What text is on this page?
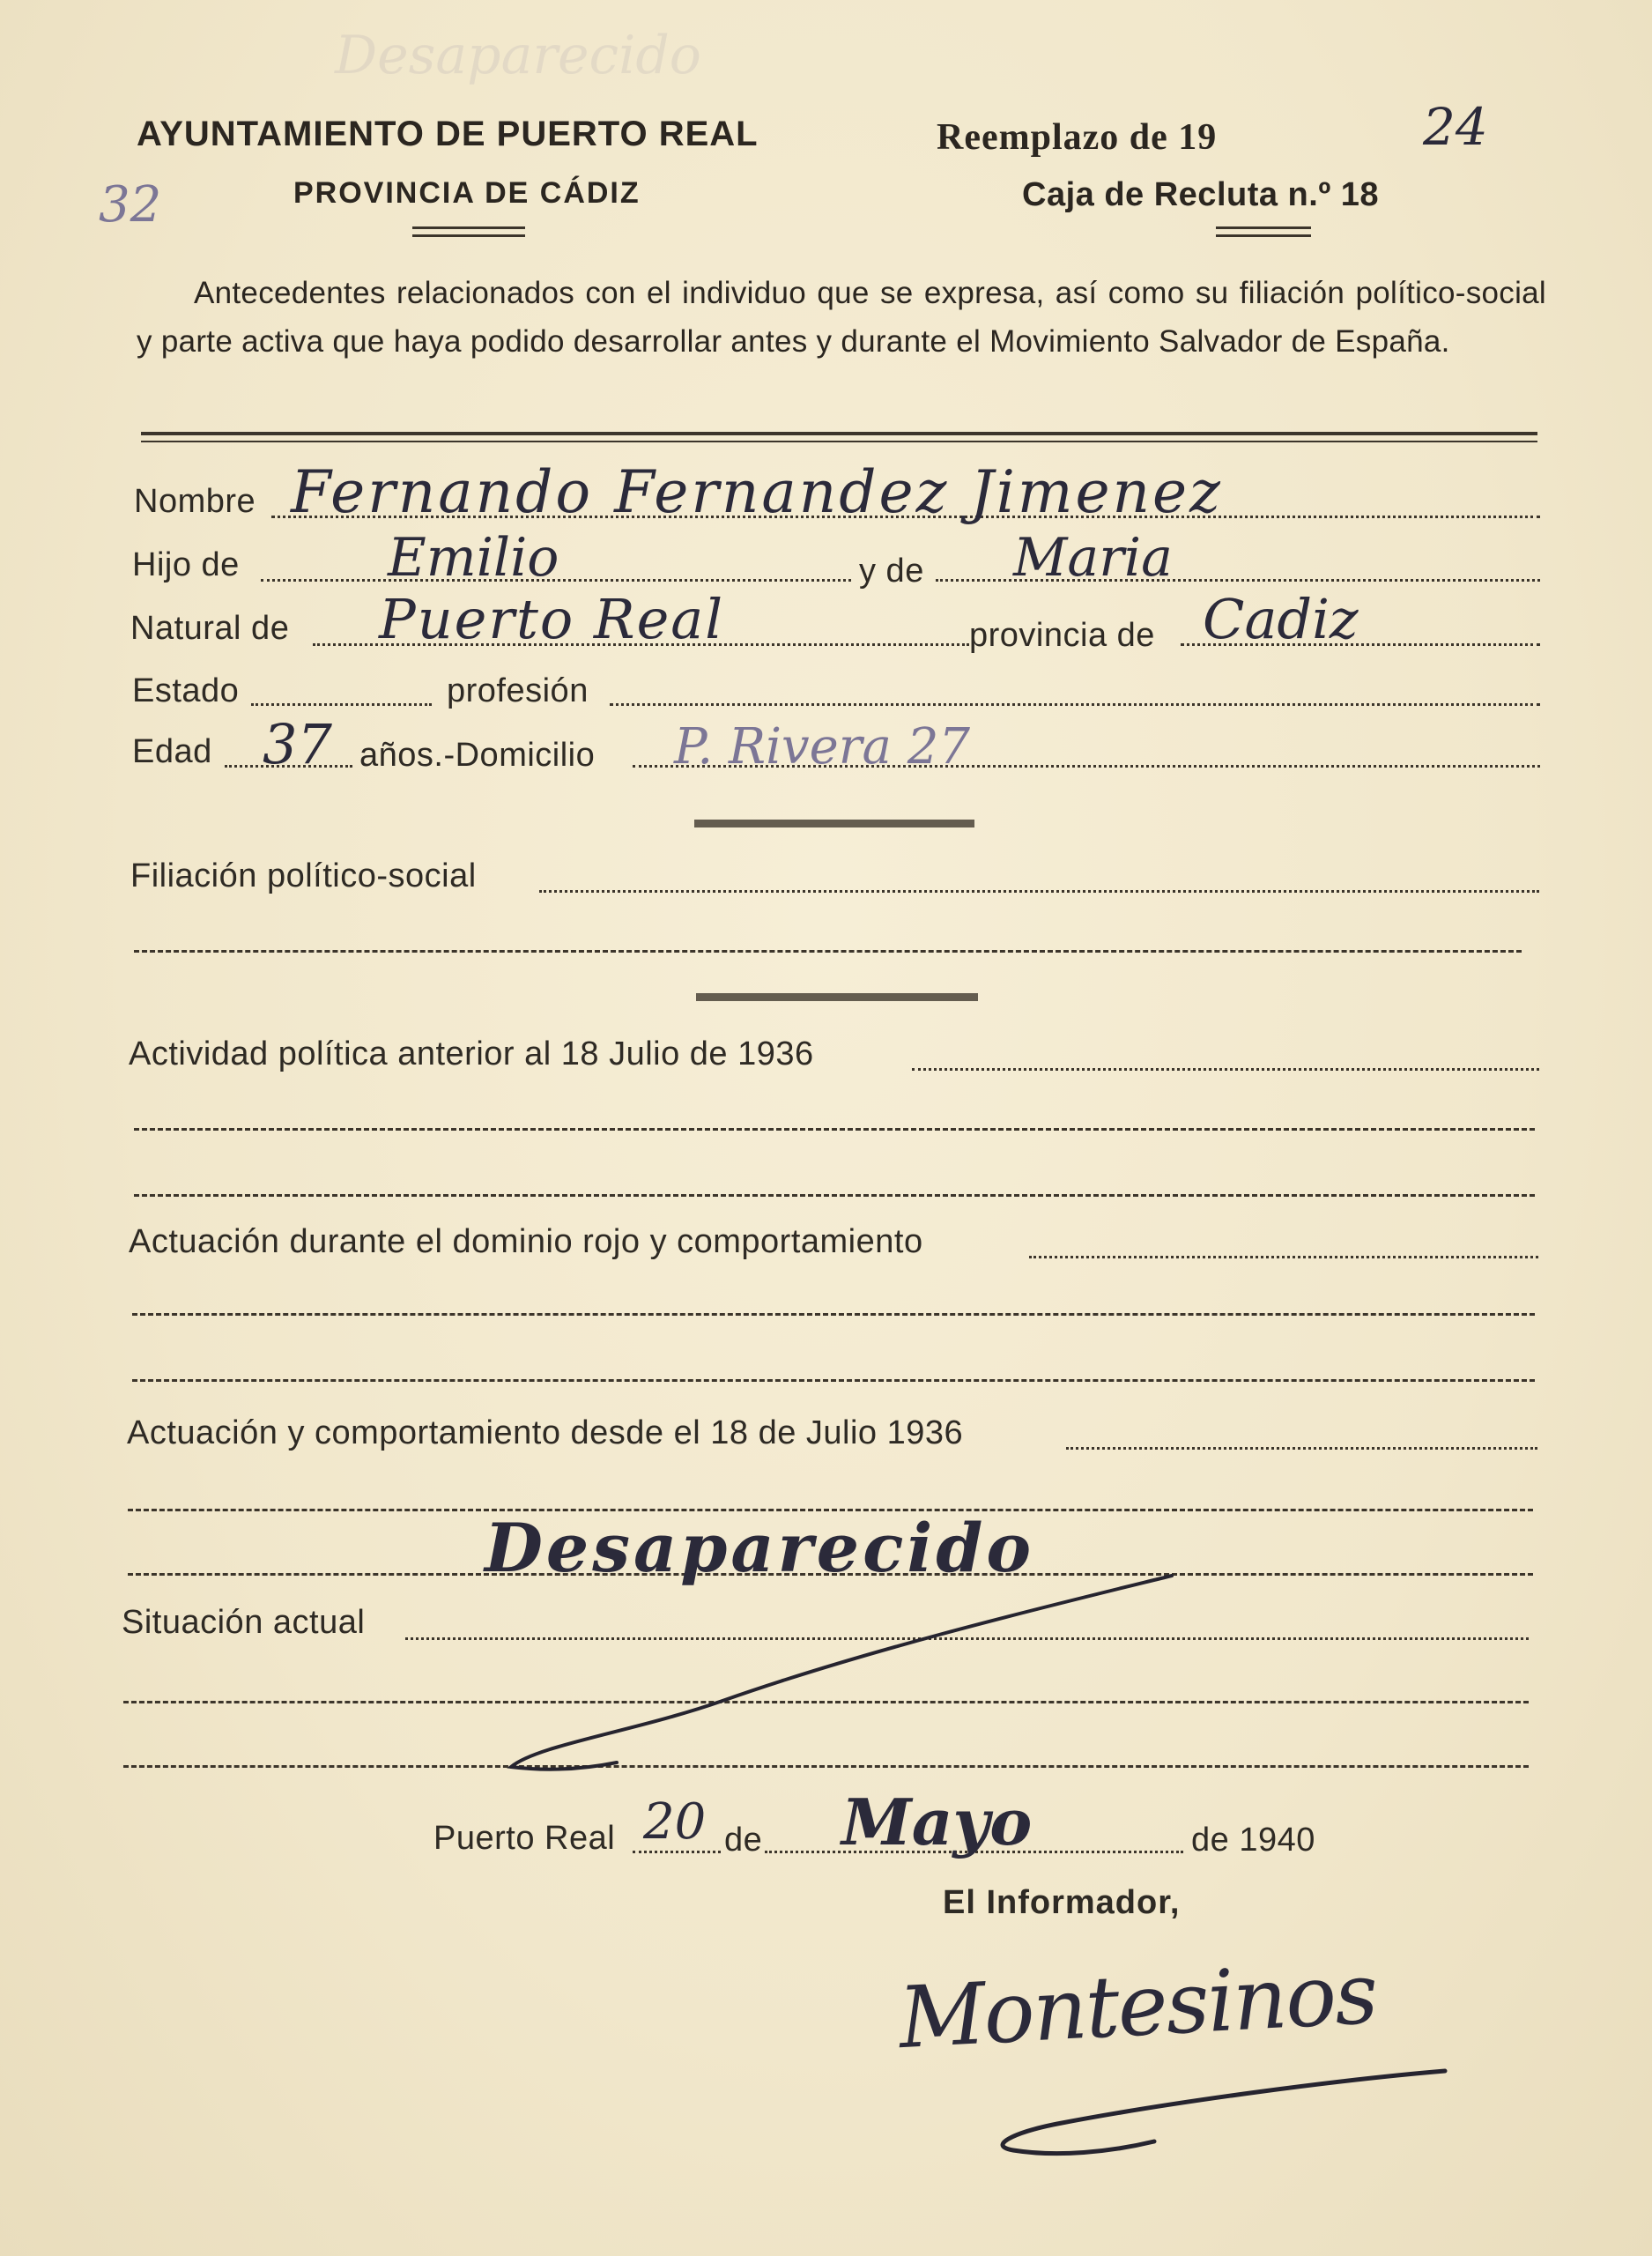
Desaparecido
AYUNTAMIENTO DE PUERTO REAL
PROVINCIA DE CÁDIZ
32
Reemplazo de 19	24
Caja de Recluta n.º 18
Antecedentes relacionados con el individuo que se expresa, así como su filiación político-social y parte activa que haya podido desarrollar antes y durante el Movimiento Salvador de España.
Nombre Fernando Fernandez Jimenez
Hijo de	Emilio	y de Maria
Natural de Puerto Real	provincia de Cadiz
Estado	profesión
Edad 37 años.-Domicilio P. Rivera 27
Filiación político-social
Actividad política anterior al 18 Julio de 1936
Actuación durante el dominio rojo y comportamiento
Actuación y comportamiento desde el 18 de Julio 1936
Desaparecido
Situación actual
Puerto Real 20 de Mayo	de 1940
El Informador,
Montesinos
